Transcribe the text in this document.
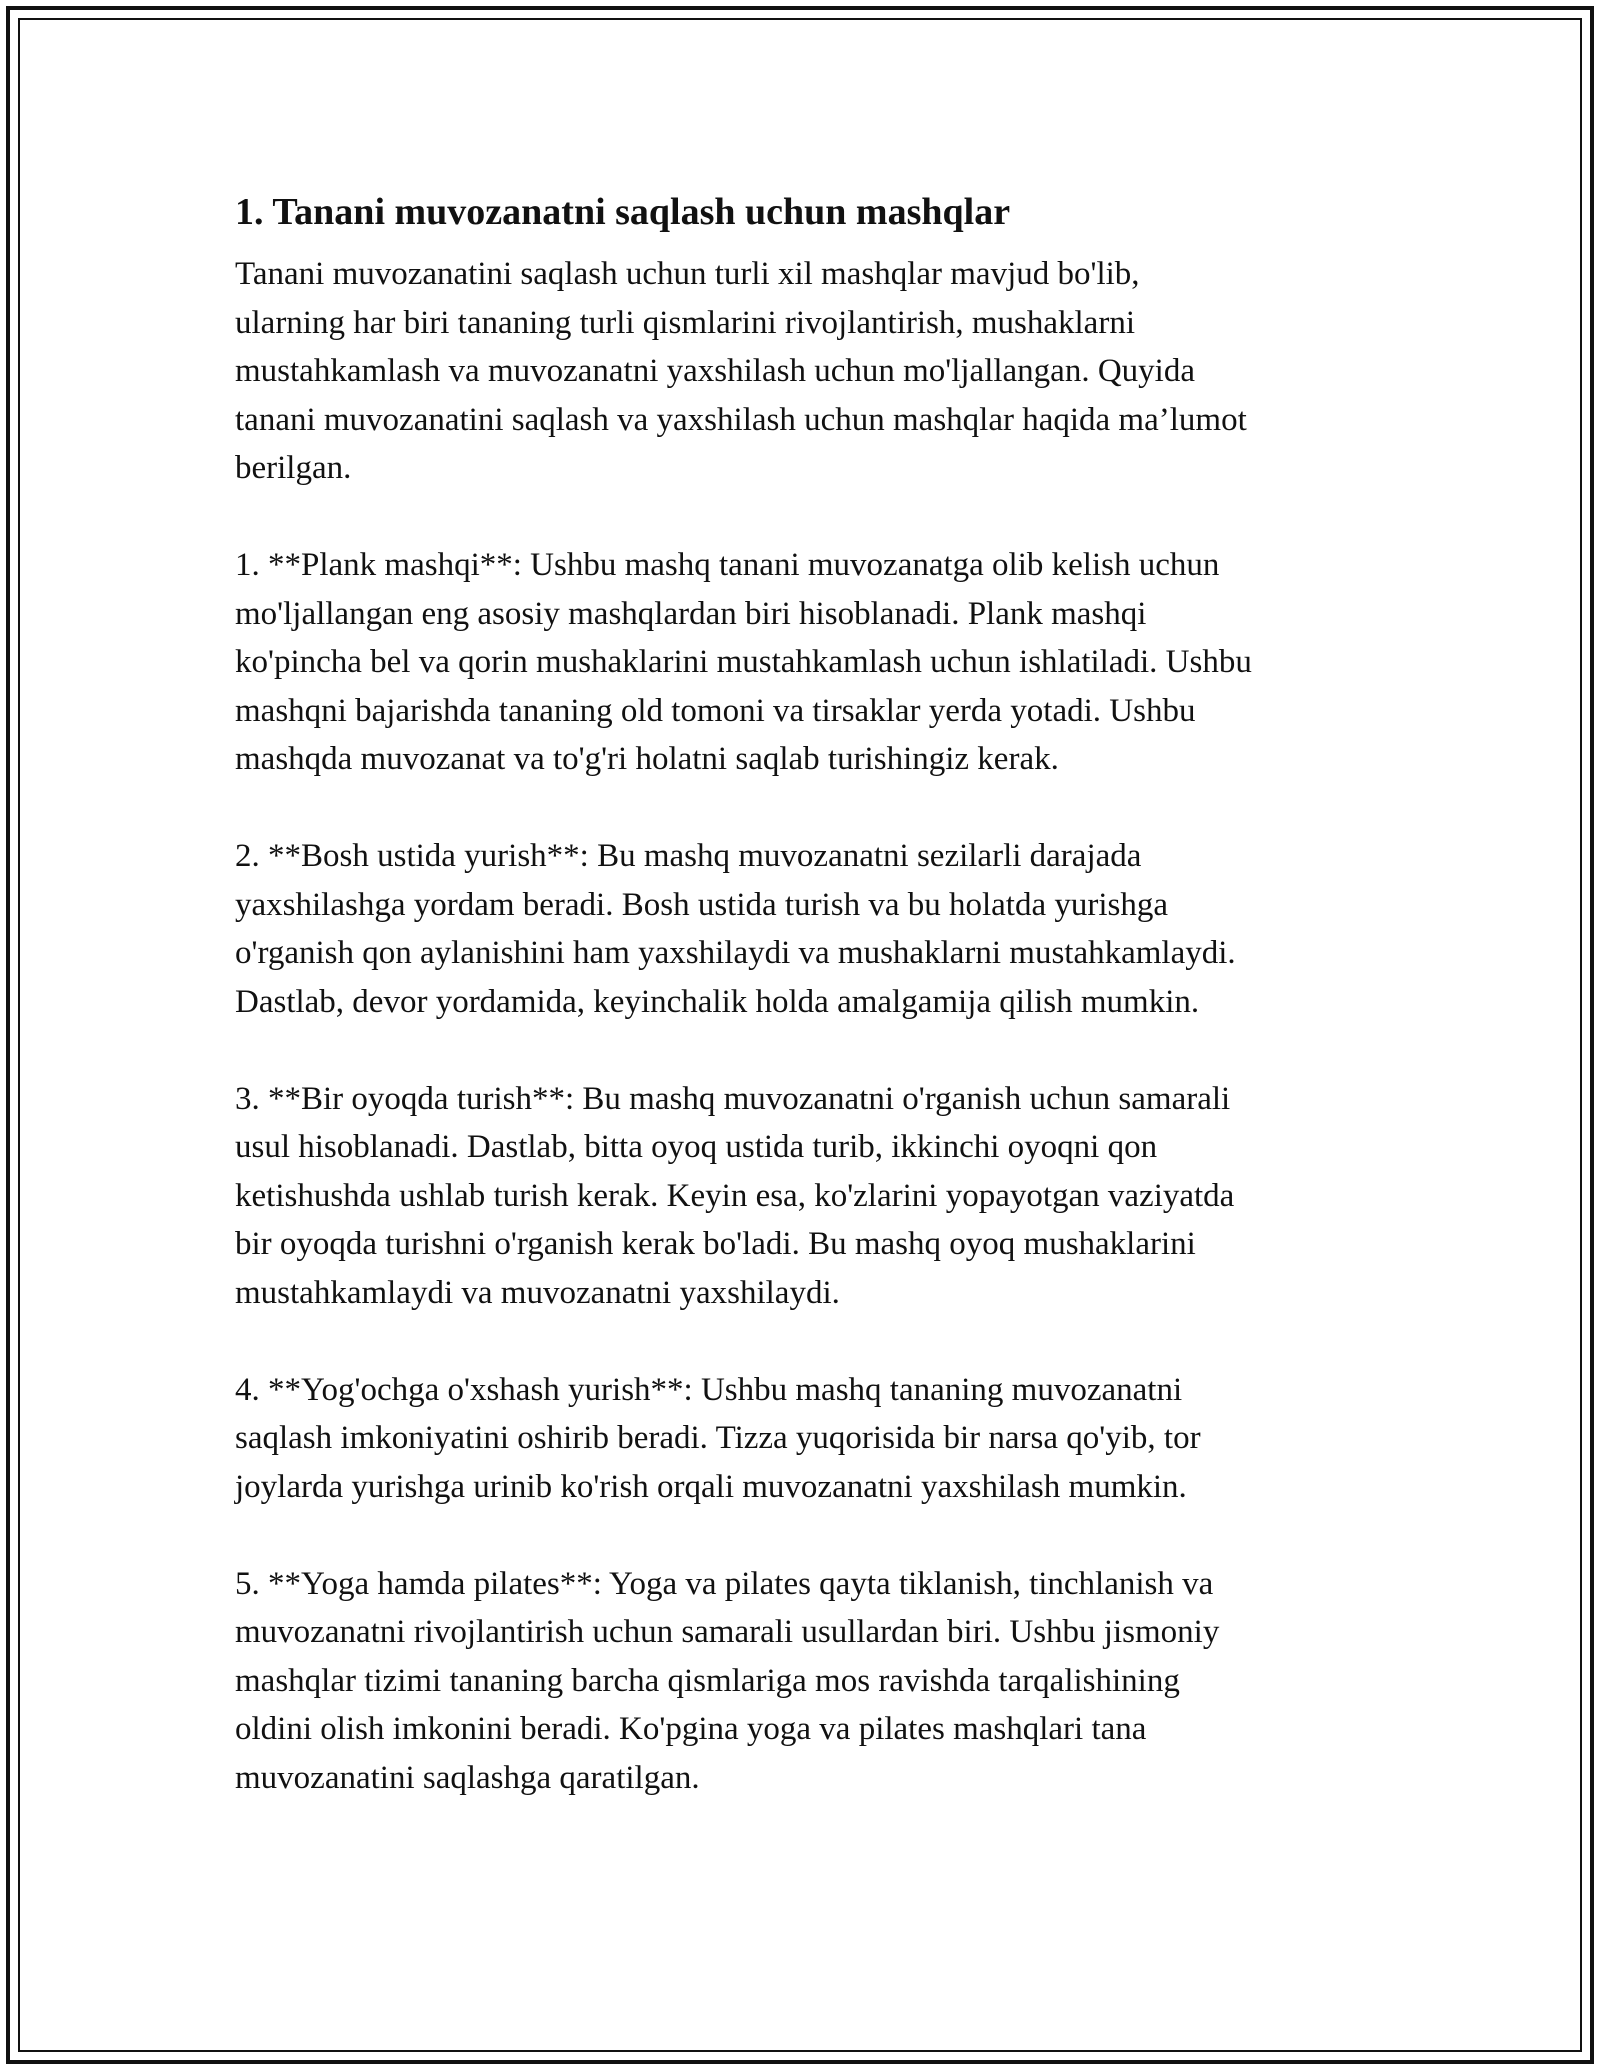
1. Tanani muvozanatni saqlash uchun mashqlar

Tanani muvozanatini saqlash uchun turli xil mashqlar mavjud bo'lib,
ularning har biri tananing turli qismlarini rivojlantirish, mushaklarni
mustahkamlash va muvozanatni yaxshilash uchun mo'ljallangan. Quyida
tanani muvozanatini saqlash va yaxshilash uchun mashqlar haqida ma’lumot
berilgan.

1. **Plank mashqi**: Ushbu mashq tanani muvozanatga olib kelish uchun
mo'ljallangan eng asosiy mashqlardan biri hisoblanadi. Plank mashqi
ko'pincha bel va qorin mushaklarini mustahkamlash uchun ishlatiladi. Ushbu
mashqni bajarishda tananing old tomoni va tirsaklar yerda yotadi. Ushbu
mashqda muvozanat va to'g'ri holatni saqlab turishingiz kerak.

2. **Bosh ustida yurish**: Bu mashq muvozanatni sezilarli darajada
yaxshilashga yordam beradi. Bosh ustida turish va bu holatda yurishga
o'rganish qon aylanishini ham yaxshilaydi va mushaklarni mustahkamlaydi.
Dastlab, devor yordamida, keyinchalik holda amalgamija qilish mumkin.

3. **Bir oyoqda turish**: Bu mashq muvozanatni o'rganish uchun samarali
usul hisoblanadi. Dastlab, bitta oyoq ustida turib, ikkinchi oyoqni qon
ketishushda ushlab turish kerak. Keyin esa, ko'zlarini yopayotgan vaziyatda
bir oyoqda turishni o'rganish kerak bo'ladi. Bu mashq oyoq mushaklarini
mustahkamlaydi va muvozanatni yaxshilaydi.

4. **Yog'ochga o'xshash yurish**: Ushbu mashq tananing muvozanatni
saqlash imkoniyatini oshirib beradi. Tizza yuqorisida bir narsa qo'yib, tor
joylarda yurishga urinib ko'rish orqali muvozanatni yaxshilash mumkin.

5. **Yoga hamda pilates**: Yoga va pilates qayta tiklanish, tinchlanish va
muvozanatni rivojlantirish uchun samarali usullardan biri. Ushbu jismoniy
mashqlar tizimi tananing barcha qismlariga mos ravishda tarqalishining
oldini olish imkonini beradi. Ko'pgina yoga va pilates mashqlari tana
muvozanatini saqlashga qaratilgan.
